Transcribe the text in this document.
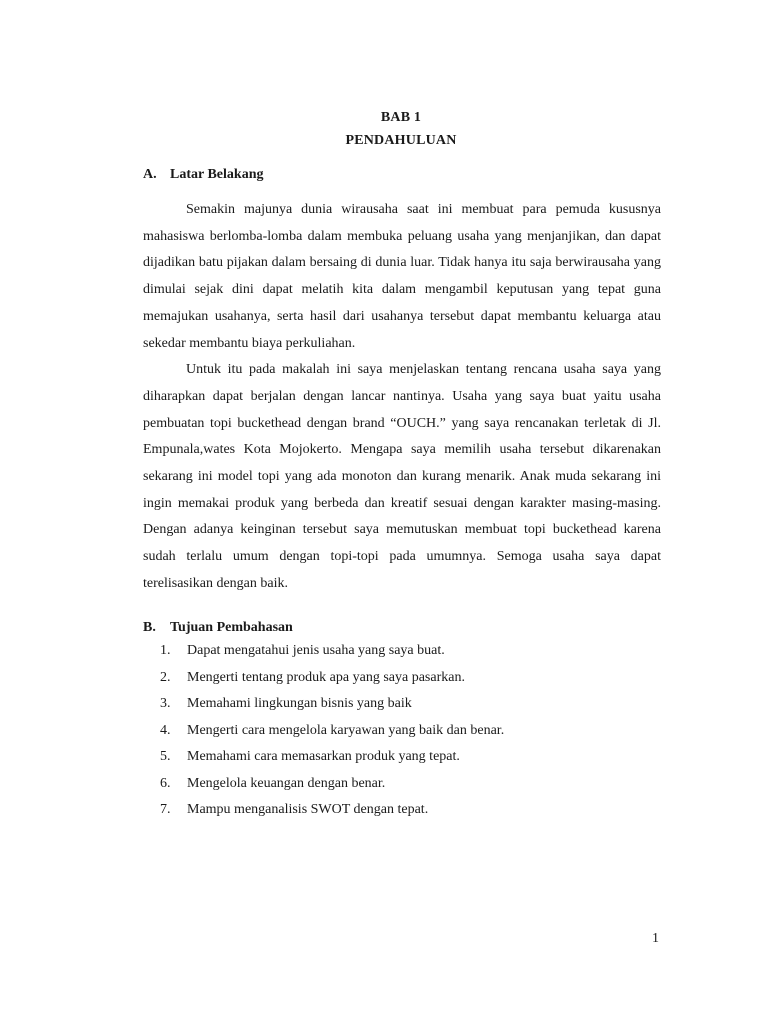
BAB 1
PENDAHULUAN
A. Latar Belakang

Semakin majunya dunia wirausaha saat ini membuat para pemuda kususnya mahasiswa berlomba-lomba dalam membuka peluang usaha yang menjanjikan, dan dapat dijadikan batu pijakan dalam bersaing di dunia luar. Tidak hanya itu saja berwirausaha yang dimulai sejak dini dapat melatih kita dalam mengambil keputusan yang tepat guna memajukan usahanya, serta hasil dari usahanya tersebut dapat membantu keluarga atau sekedar membantu biaya perkuliahan.

Untuk itu pada makalah ini saya menjelaskan tentang rencana usaha saya yang diharapkan dapat berjalan dengan lancar nantinya. Usaha yang saya buat yaitu usaha pembuatan topi buckethead dengan brand “OUCH.” yang saya rencanakan terletak di Jl. Empunala,wates Kota Mojokerto. Mengapa saya memilih usaha tersebut dikarenakan sekarang ini model topi yang ada monoton dan kurang menarik. Anak muda sekarang ini ingin memakai produk yang berbeda dan kreatif sesuai dengan karakter masing-masing. Dengan adanya keinginan tersebut saya memutuskan membuat topi buckethead karena sudah terlalu umum dengan topi-topi pada umumnya. Semoga usaha saya dapat terelisasikan dengan baik.

B. Tujuan Pembahasan
1. Dapat mengatahui jenis usaha yang saya buat.
2. Mengerti tentang produk apa yang saya pasarkan.
3. Memahami lingkungan bisnis yang baik
4. Mengerti cara mengelola karyawan yang baik dan benar.
5. Memahami cara memasarkan produk yang tepat.
6. Mengelola keuangan dengan benar.
7. Mampu menganalisis SWOT dengan tepat.
1
